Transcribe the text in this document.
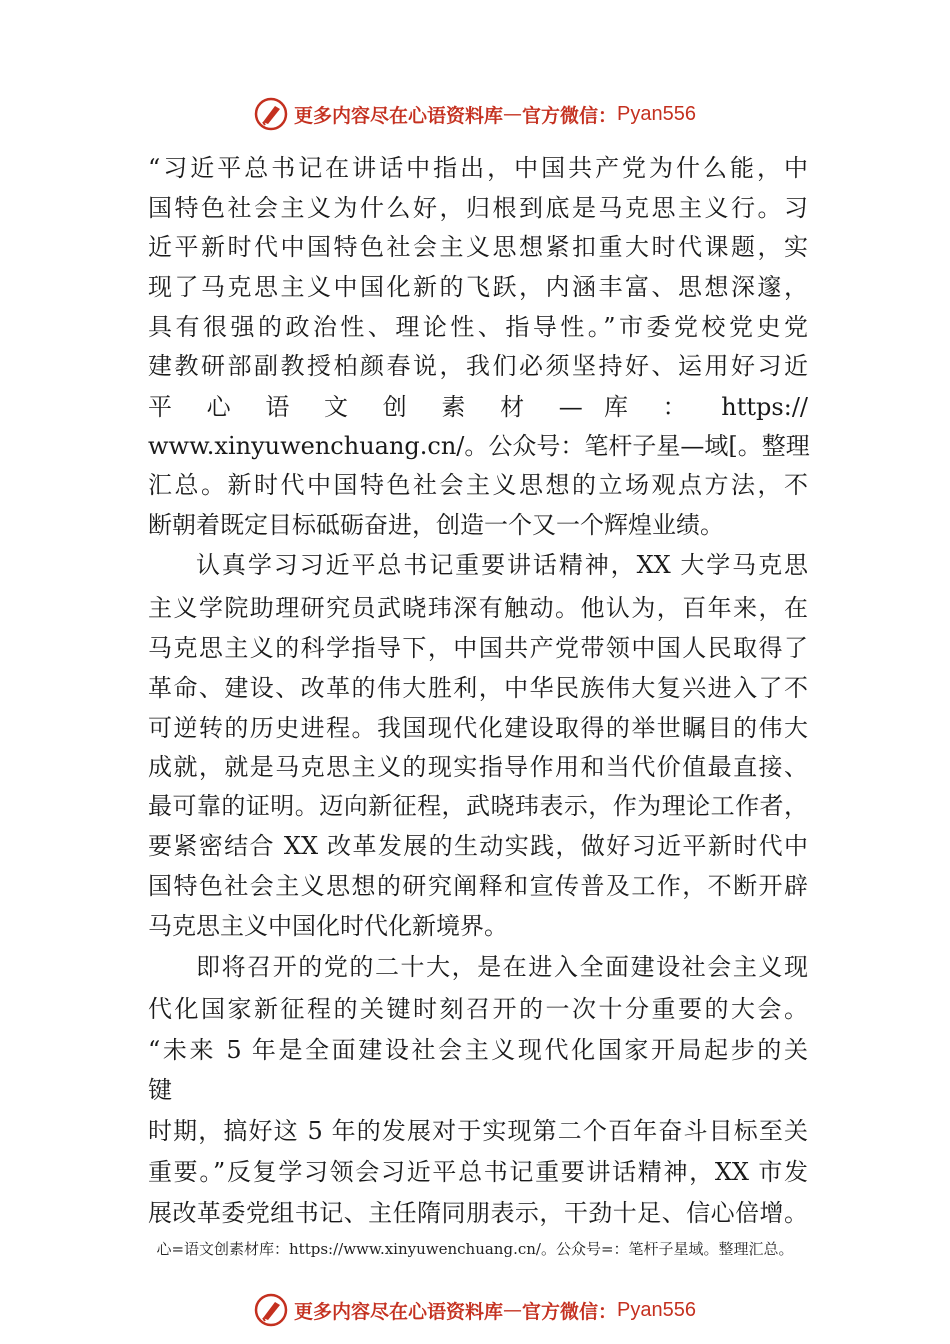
更多内容尽在心语资料库 — 官方微信： Pyan556
“习近平总书记在讲话中指出，中国共产党为什么能，中
国特色社会主义为什么好，归根到底是马克思主义行。习
近平新时代中国特色社会主义思想紧扣重大时代课题，实
现了马克思主义中国化新的飞跃，内涵丰富、思想深邃，
具有很强的政治性、理论性、指导性。”市委党校党史党
建教研部副教授柏颜春说，我们必须坚持好、运用好习近
平 心 语 文 创 素 材 — 库 ： https://
www.xinyuwenchuang.cn/。公众号：笔杆子星—域[。整理
汇总。新时代中国特色社会主义思想的立场观点方法，不
断朝着既定目标砥砺奋进，创造一个又一个辉煌业绩。
认真学习习近平总书记重要讲话精神，XX 大学马克思
主义学院助理研究员武晓玮深有触动。他认为，百年来，在
马克思主义的科学指导下，中国共产党带领中国人民取得了
革命、建设、改革的伟大胜利，中华民族伟大复兴进入了不
可逆转的历史进程。我国现代化建设取得的举世瞩目的伟大
成就，就是马克思主义的现实指导作用和当代价值最直接、
最可靠的证明。迈向新征程，武晓玮表示，作为理论工作者，
要紧密结合 XX 改革发展的生动实践，做好习近平新时代中
国特色社会主义思想的研究阐释和宣传普及工作，不断开辟
马克思主义中国化时代化新境界。
即将召开的党的二十大，是在进入全面建设社会主义现
代化国家新征程的关键时刻召开的一次十分重要的大会。
“未来 5 年是全面建设社会主义现代化国家开局起步的关
键
时期，搞好这 5 年的发展对于实现第二个百年奋斗目标至关
重要。”反复学习领会习近平总书记重要讲话精神，XX 市发
展改革委党组书记、主任隋同朋表示，干劲十足、信心倍增。
心=语文创素材库：https://www.xinyuwenchuang.cn/。公众号=：笔杆子星域。整理汇总。
更多内容尽在心语资料库 — 官方微信： Pyan556
